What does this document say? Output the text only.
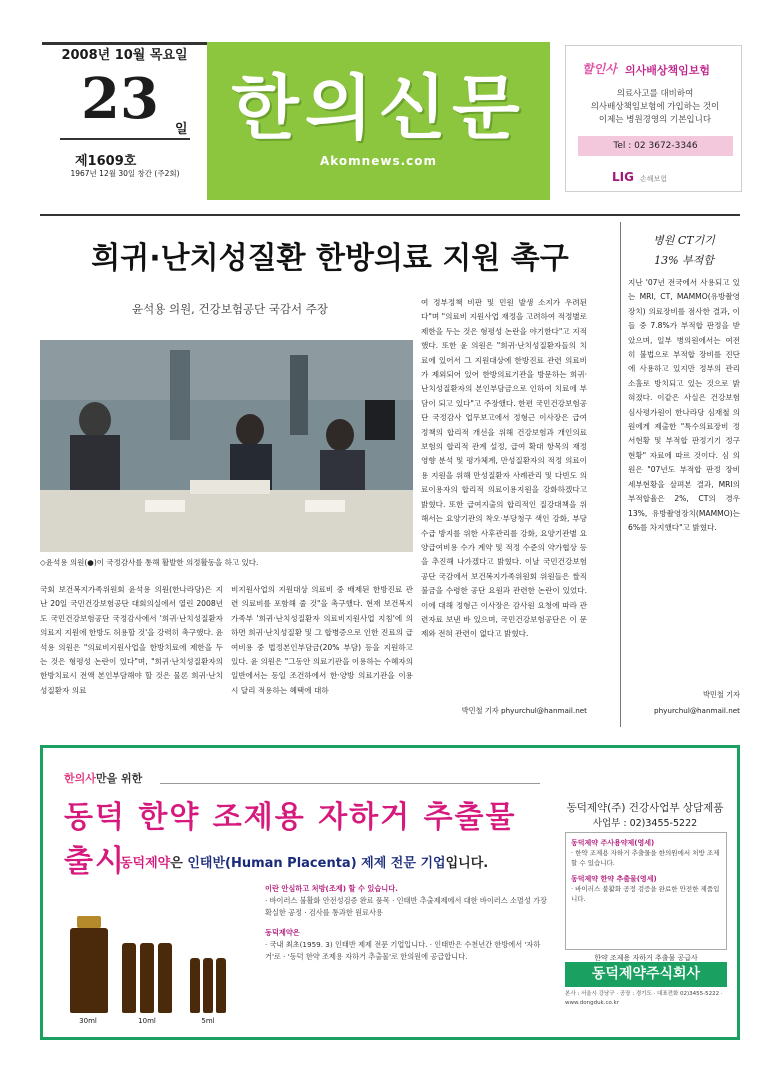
2008년 10월 목요일
23	일
제1609호
1967년 12월 30일 창간 (주2회)
한의신문
Akomnews.com
할인사 의사배상책임보험
의료사고를 대비하여
의사배상책임보험에 가입하는 것이
이제는 병원경영의 기본입니다
Tel : 02 3672-3346
LIG 손해보험
희귀·난치성질환 한방의료 지원 촉구
윤석용 의원, 건강보험공단 국감서 주장
◇윤석용 의원(●)이 국정감사를 통해 활발한 의정활동을 하고 있다.
국회 보건복지가족위원회 윤석용 의원(한나라당)은 지난 20일 국민건강보험공단 대회의실에서 열린 2008년도 국민건강보험공단 국정감사에서 '희귀·난치성질환자 의료지 지원에 한방도 허용할 것'을 강력히 촉구했다. 윤석용 의원은 "의료비지원사업을 한방치료에 제한을 두는 것은 형평성 논란이 있다"며, "희귀·난치성질환자의 한방치료시 전액 본인부담해야 할 것은 물론 희귀·난치성질환자 의료
비지원사업의 지원대상 의료비 중 배제된 한방진료 관련 의료비를 포함해 줄 것"을 촉구했다. 현재 보건복지가족부 '희귀·난치성질환자 의료비지원사업 지침'에 의하면 희귀·난치성질환 및 그 합병증으로 인한 진료의 급여비용 중 법정본인부담금(20% 부담) 등을 지원하고 있다. 윤 의원은 "그동안 의료기관을 이용하는 수혜자의 일반에서는 동일 조건하에서 한·양방 의료기관을 이용시 달리 적용하는 혜택에 대하
여 정부정책 비판 및 민원 발생 소지가 우려된다"며 "의료비 지원사업 재정을 고려하여 적정별로 제한을 두는 것은 형평성 논란을 야기한다"고 지적했다. 또한 윤 의원은 "희귀·난치성질환자들의 치료에 있어서 그 지원대상에 한방진료 관련 의료비가 제외되어 있어 한방의료기관을 방문하는 희귀·난치성질환자의 본인부담금으로 인하여 치료에 부담이 되고 있다"고 주장했다. 한편 국민건강보험공단 국정감사 업무보고에서 정형근 이사장은 급여정책의 합리적 개선을 위해 건강보험과 개인의료보험의 합리적 관계 설정, 급여 확대 항목의 재정영향 분석 및 평가체계, 만성질환자의 적정 의료이용 지원을 위해 만성질환자 사례관리 및 다빈도 의료이용자의 합리적 의료이용지원을 강화하겠다고 밝혔다. 또한 급여지출의 합리적인 질강대책을 위해서는 요양기관의 착오·부당청구 색인 강화, 부당수급 방지를 위한 사후관리를 강화, 요양기관별 요양급여비용 수가 계약 및 적정 수준의 약가협상 등을 추진해 나가겠다고 밝혔다. 이날 국민건강보험공단 국감에서 보건복지가족위원회 위원들은 쌀직불금을 수령한 공단 요원과 관련한 논란이 있었다. 이에 대해 정형근 이사장은 감사원 요청에 따라 관련자료 보낸 바 있으며, 국민건강보험공단은 이 문제와 전혀 관련이 없다고 밝혔다.
박민철 기자 phyurchul@hanmail.net
병원 CT기기
13% 부적합
지난 '07년 전국에서 사용되고 있는 MRI, CT, MAMMO(유방촬영장치) 의료장비를 점사한 결과, 이들 중 7.8%가 부적합 판정을 받았으며, 일부 병의원에서는 여전히 불법으로 부적합 장비를 진단에 사용하고 있지만 정부의 관리소홀로 방치되고 있는 것으로 밝혀졌다. 이같은 사실은 건강보험심사평가원이 한나라당 심재철 의원에게 제출한 "특수의료장비 정서현황 및 부적합 판정기기 정구현황" 자료에 따르 것이다. 심 의원은 "07년도 부적합 판정 장비 세부현황을 살펴본 결과, MRI의 부적합율은 2%, CT의 경우 13%, 유방촬영장치(MAMMO)는 6%를 차지했다"고 밝혔다.
박민철 기자
phyurchul@hanmail.net
한의사만을 위한
동덕 한약 조제용 자하거 추출물 출시
동덕제약은 인태반(Human Placenta) 제제 전문 기업입니다.
30ml	10ml	5ml
이란 안심하고 처방(조제) 할 수 있습니다.
· 바이러스 불활화 안전성검증 완료 품목 · 인태반 추출제제에서 대한 바이러스 소멸성 가장 확실한 공정 · 검사를 통과한 원료사용
동덕제약은
· 국내 최초(1959. 3) 인태반 제제 전문 기업입니다. · 인태반은 수천년간 한방에서 '자하거'로 · '동덕 한약 조제용 자하거 추출물'로 한의원에 공급합니다.
동덕제약(주) 건강사업부 상담제품
사업부 : 02)3455-5222
동덕제약 주사용약제(영세)
· 한약 조제용 자하거 추출물을 한의원에서 처방 조제할 수 있습니다.
동덕제약 한약 추출물(영세)
· 바이러스 불활화 공정 검증을 완료한 안전한 제품입니다.
한약 조제용 자하거 추출물 공급사
동덕제약주식회사
본사 : 서울시 강남구 · 공장 : 경기도 · 대표전화 02)3455-5222 · www.dongduk.co.kr
